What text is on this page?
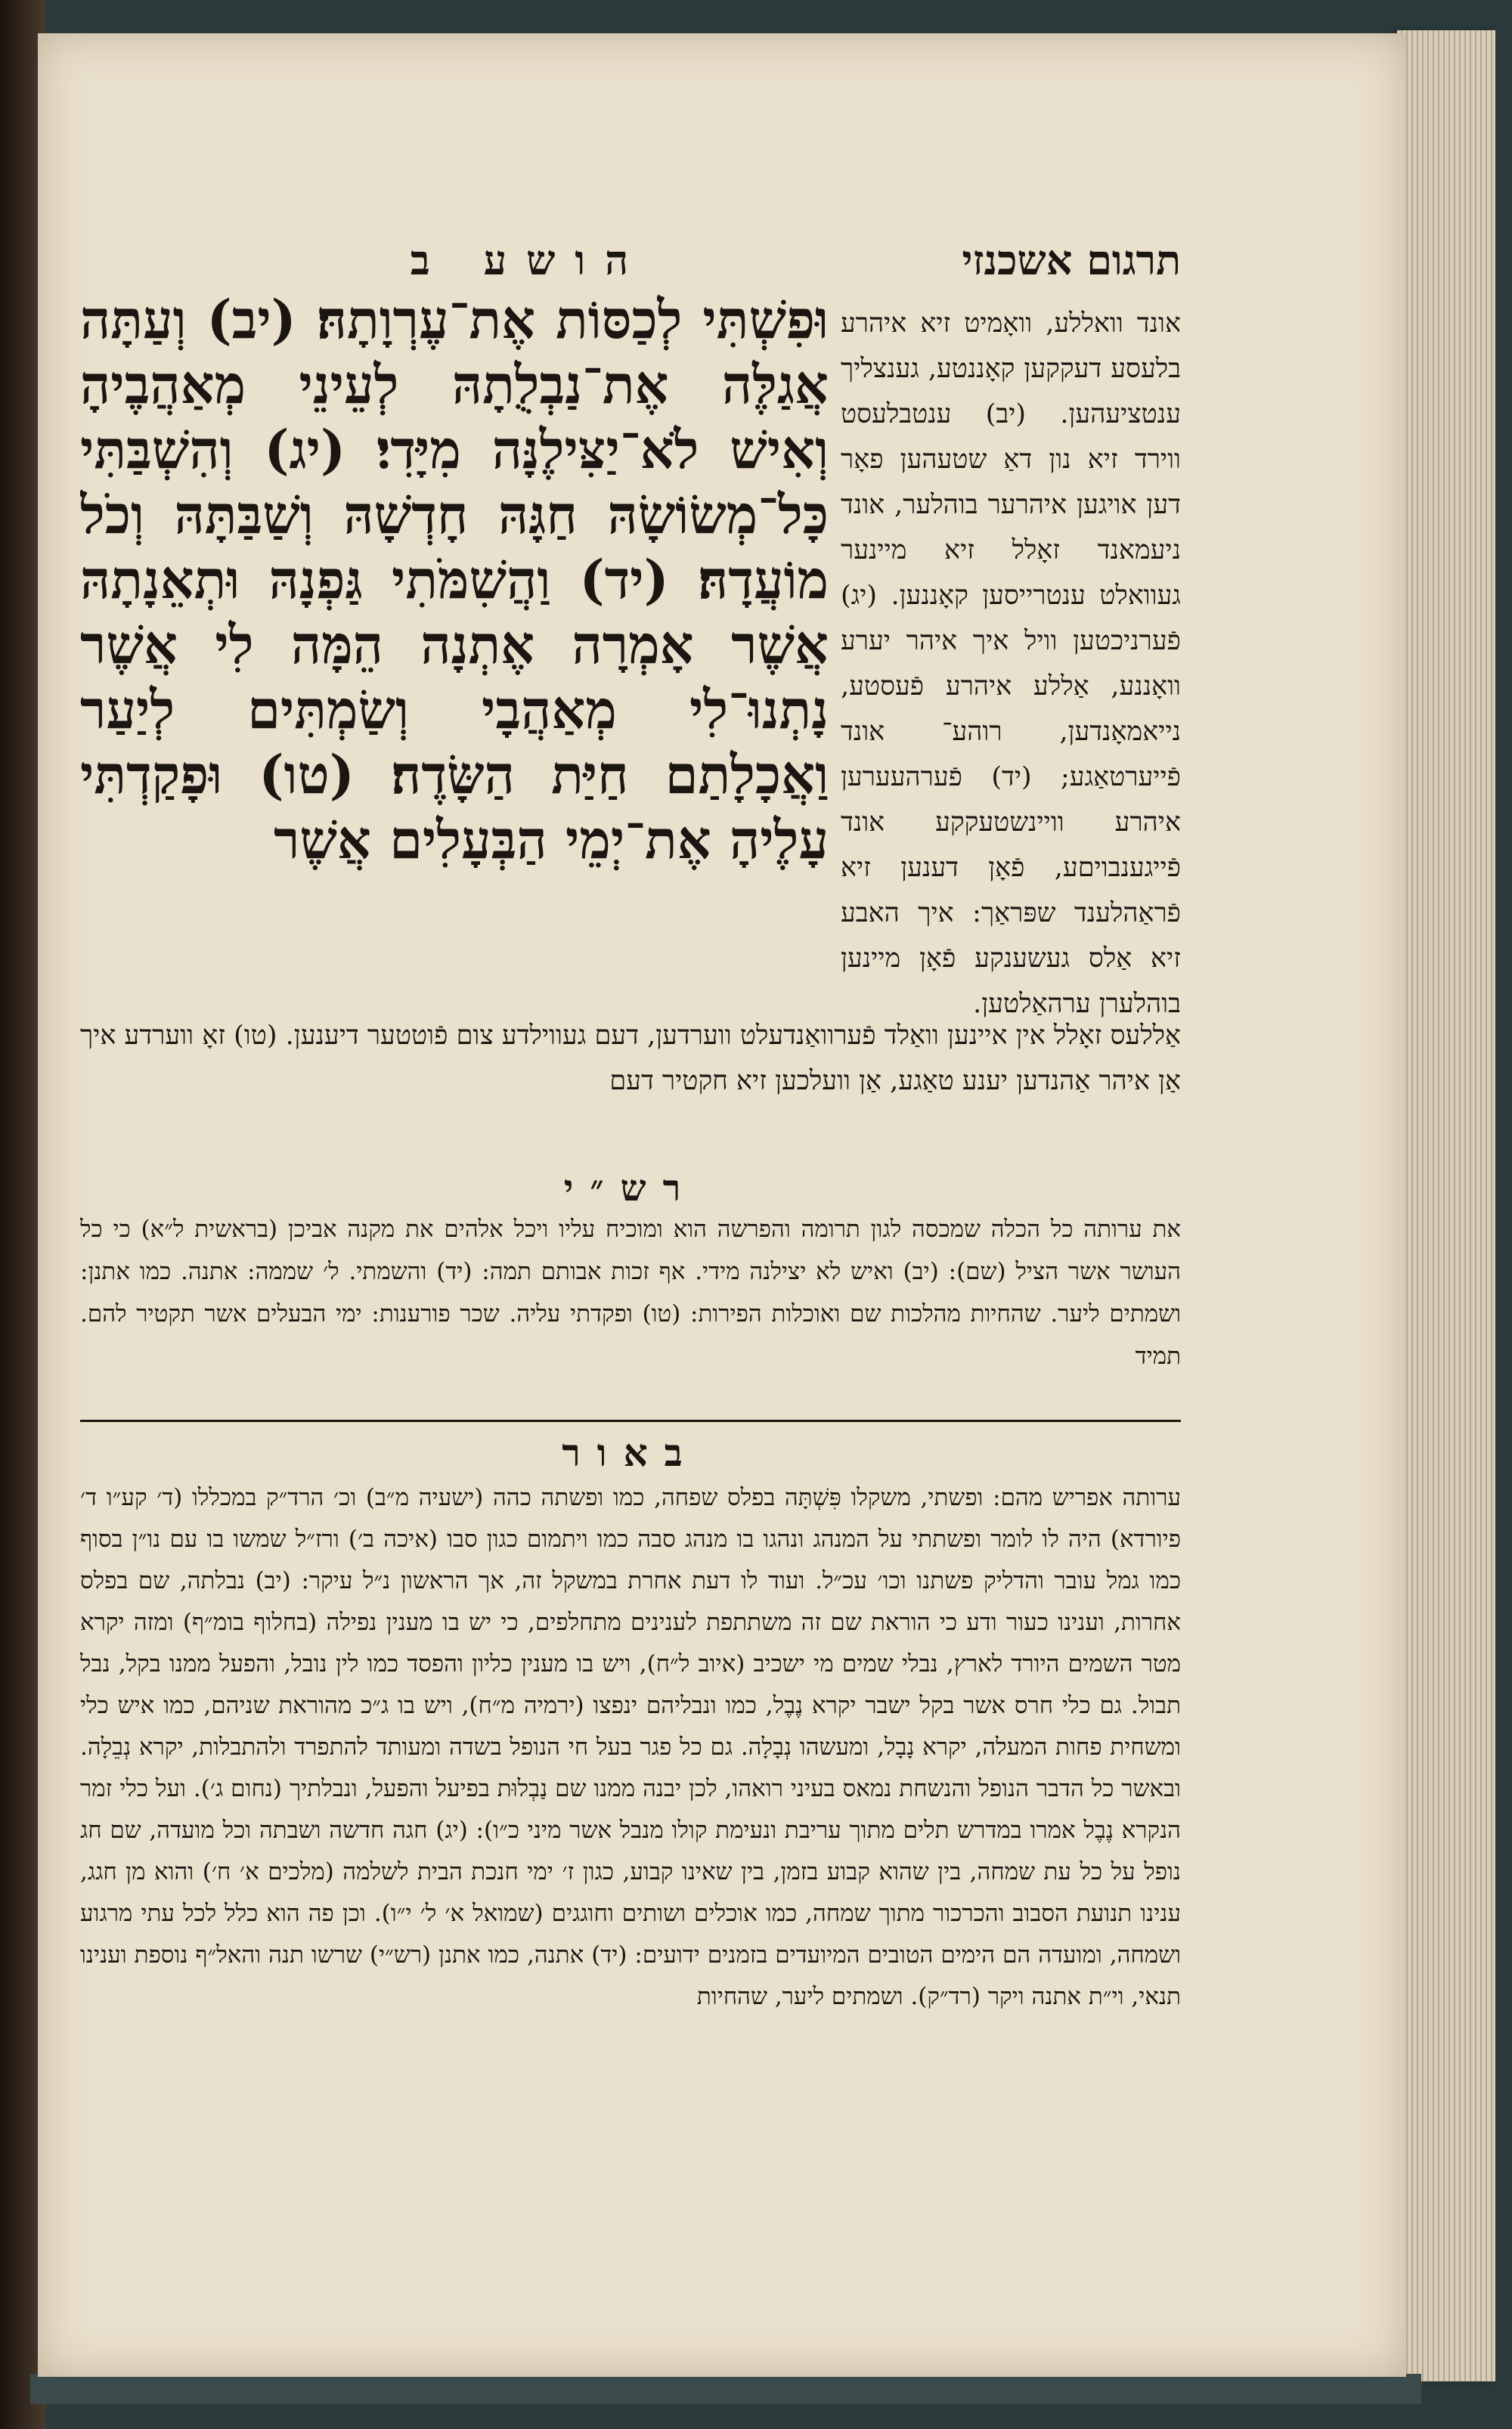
תרגום אשכנזי
הושע ב

וּפִשְׁתִּי לְכַסּוֹת אֶת־עֶרְוָתָהּ׃ (יב) וְעַתָּה אֲגַלֶּה אֶת־נַבְלֻתָהּ לְעֵינֵי מְאַהֲבֶיהָ וְאִישׁ לֹא־יַצִּילֶנָּה מִיָּדִי׃ (יג) וְהִשְׁבַּתִּי כָּל־מְשׂוֹשָׂהּ חַגָּהּ חָדְשָׁהּ וְשַׁבַּתָּהּ וְכֹל מוֹעֲדָהּ׃ (יד) וַהֲשִׁמֹּתִי גַּפְנָהּ וּתְאֵנָתָהּ אֲשֶׁר אָמְרָה אֶתְנָה הֵמָּה לִי אֲשֶׁר נָתְנוּ־לִי מְאַהֲבָי וְשַׂמְתִּים לְיַעַר וַאֲכָלָתַם חַיַּת הַשָּׂדֶה׃ (טו) וּפָקַדְתִּי עָלֶיהָ אֶת־יְמֵי הַבְּעָלִים אֲשֶׁר

אונד וואללע, וואָמיט זיא איהרע בלעסע דעקקען קאָננטע, גענצליך ענטציעהען. (יב) ענטבלעסט ווירד זיא נון דאַ שטעהען פאָר דען אויגען איהרער בוהלער, אונד ניעמאנד זאָלל זיא מיינער געוואלט ענטרייסען קאָננען. (יג) פֿערניכטען וויל איך איהר יערע וואָננע, אַללע איהרע פֿעסטע, נייאמאָנדען, רוהע־ אונד פֿייערטאַגע; (יד) פֿערהעערען איהרע וויינשטעקקע אונד פֿייגענבויםע, פֿאָן דענען זיא פֿראַהלענד שפּראַך: איך האבע זיא אַלס געשענקע פֿאָן מיינען בוהלערן ערהאַלטען.

אַללעס זאָלל אין איינען וואַלד פֿערוואַנדעלט ווערדען, דעם געווילדע צום פֿוטטער דיענען. (טו) זאָ ווערדע איך אַן איהר אַהנדען יענע טאַגע, אַן וועלכען זיא חקטיר דעם

רש״י

את ערותה כל הכלה שמכסה לגון תרומה והפרשה הוא ומוכיח עליו ויכל אלהים את מקנה אביכן (בראשית ל״א) כי כל העושר אשר הציל (שם): (יב) ואיש לא יצילנה מידי. אף זכות אבותם תמה: (יד) והשמתי. ל׳ שממה: אתנה. כמו אתנן: ושמתים ליער. שהחיות מהלכות שם ואוכלות הפירות: (טו) ופקדתי עליה. שכר פורענות: ימי הבעלים אשר תקטיר להם. תמיד

באור

ערותה אפריש מהם: ופשתי, משקלו פִּשְׁתָּה בפלס שפחה, כמו ופשתה כהה (ישעיה מ״ב) וכ׳ הרד״ק במכללו (ד׳ קע״ו ד׳ פיורדא) היה לו לומר ופשתתי על המנהג ונהגו בו מנהג סבה כמו ויתמום כגון סבו (איכה ב׳) ורז״ל שמשו בו עם נו״ן בסוף כמו גמל עובר והדליק פשתנו וכו׳ עכ״ל. ועוד לו דעת אחרת במשקל זה, אך הראשון נ״ל עיקר: (יב) נבלתה, שם בפלס אחרות, וענינו כעור ודע כי הוראת שם זה משתתפת לענינים מתחלפים, כי יש בו מענין נפילה (בחלוף בומ״ף) ומזה יקרא מטר השמים היורד לארץ, נבלי שמים מי ישכיב (איוב ל״ח), ויש בו מענין כליון והפסד כמו לין נובל, והפעל ממנו בקל, נבל תבול. גם כלי חרס אשר בקל ישבר יקרא נֶבֶל, כמו ונבליהם ינפצו (ירמיה מ״ח), ויש בו ג״כ מהוראת שניהם, כמו איש כלי ומשחית פחות המעלה, יקרא נָבָל, ומעשהו נְבָלָה. גם כל פגר בעל חי הנופל בשדה ומעותד להתפרד ולהתבלות, יקרא נְבֵלָה. ובאשר כל הדבר הנופל והנשחת נמאס בעיני רואהו, לכן יבנה ממנו שם נַבְלוּת בפיעל והפעל, ונבלתיך (נחום ג׳). ועל כלי זמר הנקרא נֶבֶל אמרו במדרש תלים מתוך עריבת ונעימת קולו מנבל אשר מיני כ״ו): (יג) חגה חדשה ושבתה וכל מועדה, שם חג נופל על כל עת שמחה, בין שהוא קבוע בזמן, בין שאינו קבוע, כגון ז׳ ימי חנכת הבית לשלמה (מלכים א׳ ח׳) והוא מן חגג, ענינו תנועת הסבוב והכרכור מתוך שמחה, כמו אוכלים ושותים וחוגגים (שמואל א׳ ל׳ י״ו). וכן פה הוא כלל לכל עתי מרגוע ושמחה, ומועדה הם הימים הטובים המיועדים בזמנים ידועים: (יד) אתנה, כמו אתנן (רש״י) שרשו תנה והאל״ף נוספת וענינו תנאי, וי״ת אתנה ויקר (רד״ק). ושמתים ליער, שהחיות
